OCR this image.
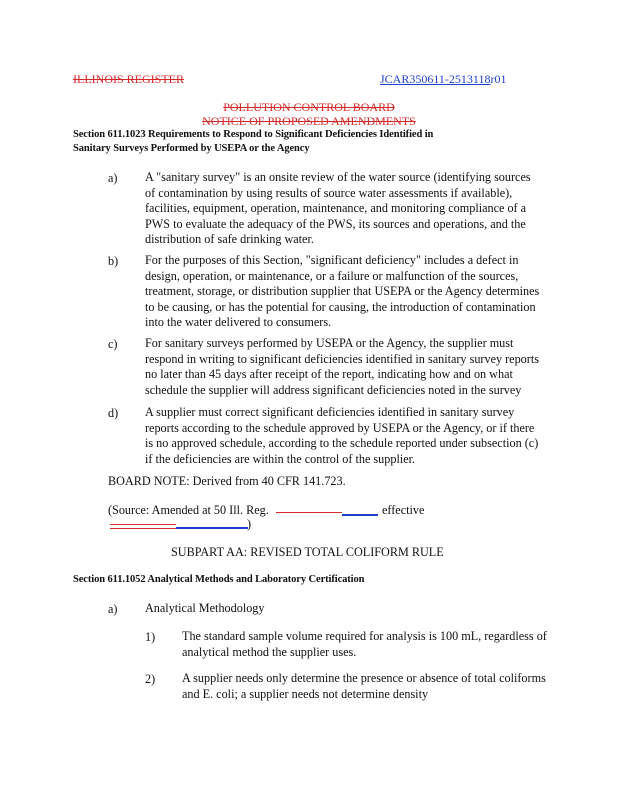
ILLINOIS REGISTER	JCAR350611-2513118r01
POLLUTION CONTROL BOARD
NOTICE OF PROPOSED AMENDMENTS
Section 611.1023 Requirements to Respond to Significant Deficiencies Identified in
Sanitary Surveys Performed by USEPA or the Agency
a) A "sanitary survey" is an onsite review of the water source (identifying sources
of contamination by using results of source water assessments if available),
facilities, equipment, operation, maintenance, and monitoring compliance of a
PWS to evaluate the adequacy of the PWS, its sources and operations, and the
distribution of safe drinking water.
b) For the purposes of this Section, "significant deficiency" includes a defect in
design, operation, or maintenance, or a failure or malfunction of the sources,
treatment, storage, or distribution supplier that USEPA or the Agency determines
to be causing, or has the potential for causing, the introduction of contamination
into the water delivered to consumers.
c) For sanitary surveys performed by USEPA or the Agency, the supplier must
respond in writing to significant deficiencies identified in sanitary survey reports
no later than 45 days after receipt of the report, indicating how and on what
schedule the supplier will address significant deficiencies noted in the survey
d) A supplier must correct significant deficiencies identified in sanitary survey
reports according to the schedule approved by USEPA or the Agency, or if there
is no approved schedule, according to the schedule reported under subsection (c)
if the deficiencies are within the control of the supplier.
BOARD NOTE: Derived from 40 CFR 141.723.
(Source: Amended at 50 Ill. Reg.	effective
)
SUBPART AA: REVISED TOTAL COLIFORM RULE
Section 611.1052 Analytical Methods and Laboratory Certification
a) Analytical Methodology
1) The standard sample volume required for analysis is 100 mL, regardless of
analytical method the supplier uses.
2) A supplier needs only determine the presence or absence of total coliforms
and E. coli; a supplier needs not determine density
